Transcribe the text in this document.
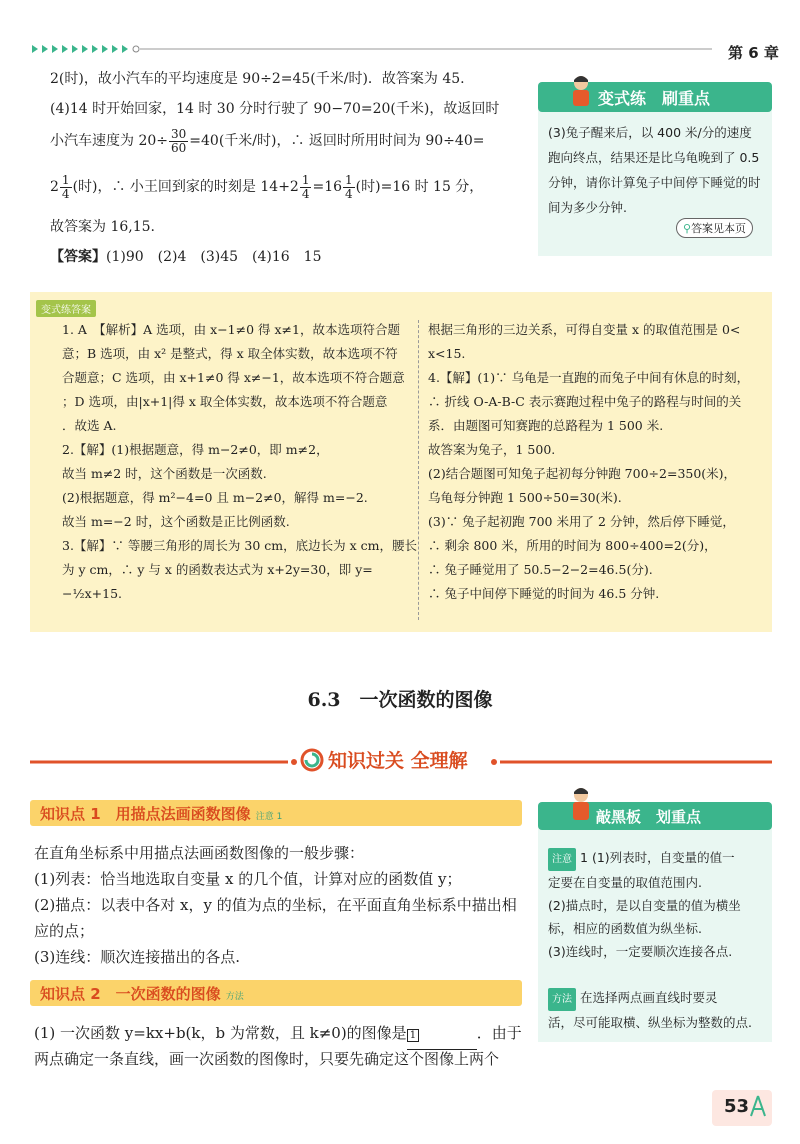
第 6 章
2(时)，故小汽车的平均速度是 90÷2=45(千米/时)．故答案为 45.
(4)14 时开始回家，14 时 30 分时行驶了 90−70=20(千米)，故返回时
小汽车速度为 $20\div \frac{30}{60} =40$(千米/时)，∴ 返回时所用时间为 90÷40=
$2 \frac{1}{4}$ (时)，∴ 小王回到家的时刻是 $14+2 \frac{1}{4} =16 \frac{1}{4}$ (时)=16 时 15 分，
故答案为 16,15.
【答案】(1)90　(2)4　(3)45　(4)16　15
变式练　刷重点
(3)兔子醒来后，以 400 米/分的速度跑向终点，结果还是比乌龟晚到了 0.5 分钟，请你计算兔子中间停下睡觉的时间为多少分钟.
⚲答案见本页
变式练答案
1. A　【解析】A 选项，由 x−1≠0 得 x≠1，故本选项符合题
意；B 选项，由 x² 是整式，得 x 取全体实数，故本选项不符
合题意；C 选项，由 x+1≠0 得 x≠−1，故本选项不符合题意
；D 选项，由|x+1|得 x 取全体实数，故本选项不符合题意
．故选 A.
2.【解】(1)根据题意，得 m−2≠0，即 m≠2，
故当 m≠2 时，这个函数是一次函数.
(2)根据题意，得 m²−4=0 且 m−2≠0，解得 m=−2.
故当 m=−2 时，这个函数是正比例函数.
3.【解】∵ 等腰三角形的周长为 30 cm，底边长为 x cm，腰长
为 y cm，∴ y 与 x 的函数表达式为 x+2y=30，即 y=
−½x+15.
根据三角形的三边关系，可得自变量 x 的取值范围是 0<
x<15.
4.【解】(1)∵ 乌龟是一直跑的而兔子中间有休息的时刻，
∴ 折线 O-A-B-C 表示赛跑过程中兔子的路程与时间的关
系．由题图可知赛跑的总路程为 1 500 米.
故答案为兔子，1 500.
(2)结合题图可知兔子起初每分钟跑 700÷2=350(米)，
乌龟每分钟跑 1 500÷50=30(米).
(3)∵ 兔子起初跑 700 米用了 2 分钟，然后停下睡觉，
∴ 剩余 800 米，所用的时间为 800÷400=2(分)，
∴ 兔子睡觉用了 50.5−2−2=46.5(分).
∴ 兔子中间停下睡觉的时间为 46.5 分钟.
6.3　一次函数的图像
知识过关 全理解
知识点 1　用描点法画函数图像 注意 1
在直角坐标系中用描点法画函数图像的一般步骤：
(1)列表：恰当地选取自变量 x 的几个值，计算对应的函数值 y；
(2)描点：以表中各对 x，y 的值为点的坐标，在平面直角坐标系中描出相
应的点；
(3)连线：顺次连接描出的各点.
知识点 2　一次函数的图像 方法
(1) 一次函数 y=kx+b(k，b 为常数，且 k≠0)的图像是 1	．由于
两点确定一条直线，画一次函数的图像时，只要先确定这个图像上两个
敲黑板　划重点
注意 1 (1)列表时，自变量的值一
定要在自变量的取值范围内.
(2)描点时，是以自变量的值为横坐
标，相应的函数值为纵坐标.
(3)连线时，一定要顺次连接各点.
方法 在选择两点画直线时要灵
活，尽可能取横、纵坐标为整数的点.
53
